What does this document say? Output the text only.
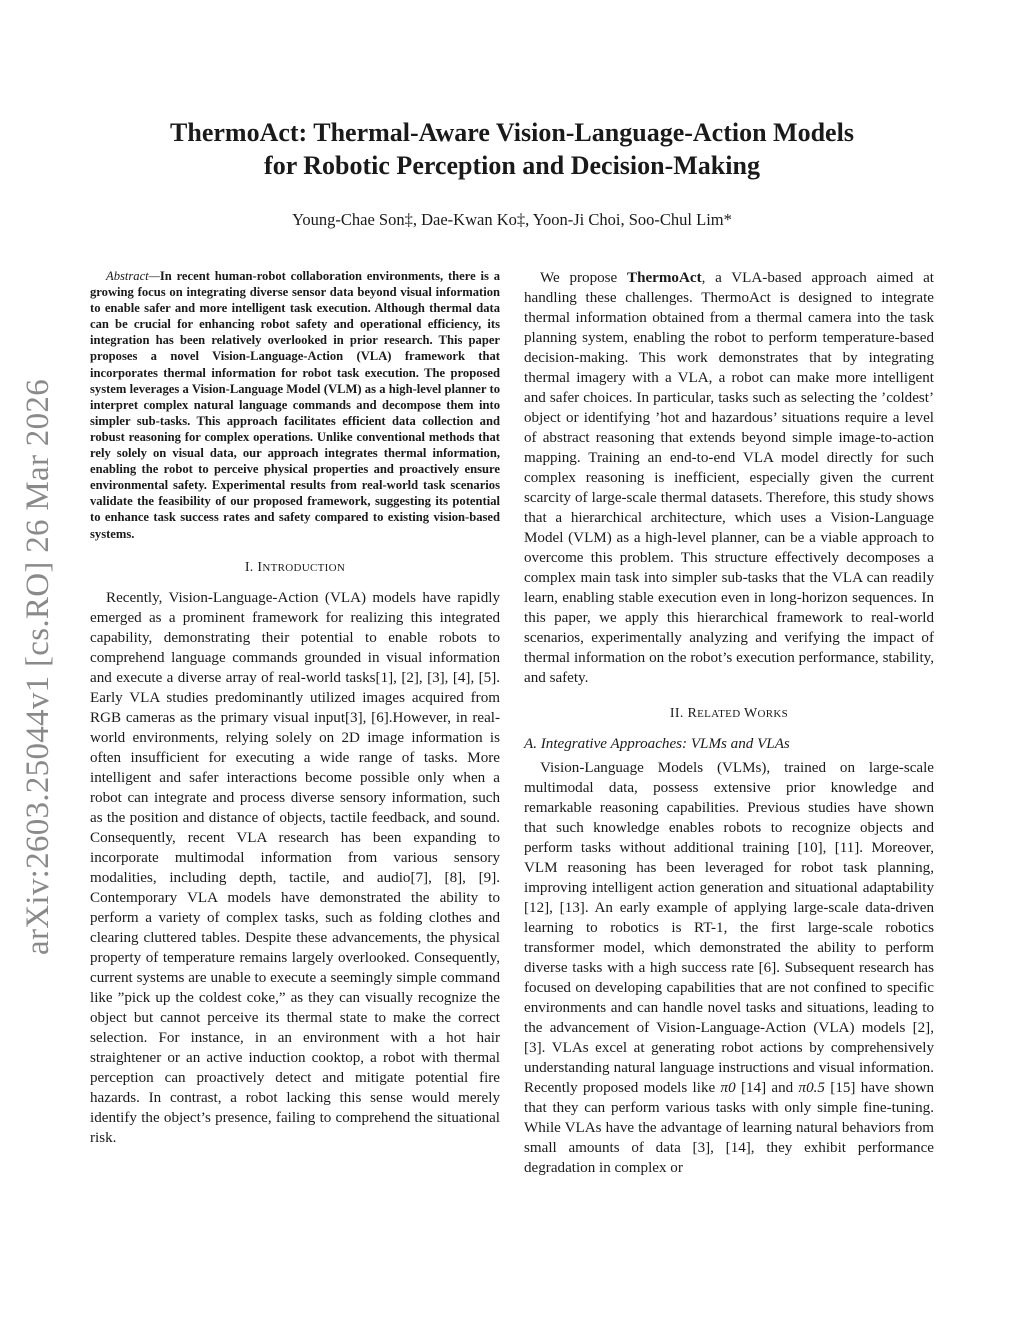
arXiv:2603.25044v1 [cs.RO] 26 Mar 2026
ThermoAct: Thermal-Aware Vision-Language-Action Models
for Robotic Perception and Decision-Making
Young-Chae Son‡, Dae-Kwan Ko‡, Yoon-Ji Choi, Soo-Chul Lim*

Abstract—In recent human-robot collaboration environments, there is a growing focus on integrating diverse sensor data beyond visual information to enable safer and more intelligent task execution. Although thermal data can be crucial for enhancing robot safety and operational efficiency, its integration has been relatively overlooked in prior research. This paper proposes a novel Vision-Language-Action (VLA) framework that incorporates thermal information for robot task execution. The proposed system leverages a Vision-Language Model (VLM) as a high-level planner to interpret complex natural language commands and decompose them into simpler sub-tasks. This approach facilitates efficient data collection and robust reasoning for complex operations. Unlike conventional methods that rely solely on visual data, our approach integrates thermal information, enabling the robot to perceive physical properties and proactively ensure environmental safety. Experimental results from real-world task scenarios validate the feasibility of our proposed framework, suggesting its potential to enhance task success rates and safety compared to existing vision-based systems.

I. INTRODUCTION

Recently, Vision-Language-Action (VLA) models have rapidly emerged as a prominent framework for realizing this integrated capability, demonstrating their potential to enable robots to comprehend language commands grounded in visual information and execute a diverse array of real-world tasks[1], [2], [3], [4], [5]. Early VLA studies predominantly utilized images acquired from RGB cameras as the primary visual input[3], [6].However, in real-world environments, relying solely on 2D image information is often insufficient for executing a wide range of tasks. More intelligent and safer interactions become possible only when a robot can integrate and process diverse sensory information, such as the position and distance of objects, tactile feedback, and sound. Consequently, recent VLA research has been expanding to incorporate multimodal information from various sensory modalities, including depth, tactile, and audio[7], [8], [9]. Contemporary VLA models have demonstrated the ability to perform a variety of complex tasks, such as folding clothes and clearing cluttered tables. Despite these advancements, the physical property of temperature remains largely overlooked. Consequently, current systems are unable to execute a seemingly simple command like ”pick up the coldest coke,” as they can visually recognize the object but cannot perceive its thermal state to make the correct selection. For instance, in an environment with a hot hair straightener or an active induction cooktop, a robot with thermal perception can proactively detect and mitigate potential fire hazards. In contrast, a robot lacking this sense would merely identify the object’s presence, failing to comprehend the situational risk.

We propose ThermoAct, a VLA-based approach aimed at handling these challenges. ThermoAct is designed to integrate thermal information obtained from a thermal camera into the task planning system, enabling the robot to perform temperature-based decision-making. This work demonstrates that by integrating thermal imagery with a VLA, a robot can make more intelligent and safer choices. In particular, tasks such as selecting the ’coldest’ object or identifying ’hot and hazardous’ situations require a level of abstract reasoning that extends beyond simple image-to-action mapping. Training an end-to-end VLA model directly for such complex reasoning is inefficient, especially given the current scarcity of large-scale thermal datasets. Therefore, this study shows that a hierarchical architecture, which uses a Vision-Language Model (VLM) as a high-level planner, can be a viable approach to overcome this problem. This structure effectively decomposes a complex main task into simpler sub-tasks that the VLA can readily learn, enabling stable execution even in long-horizon sequences. In this paper, we apply this hierarchical framework to real-world scenarios, experimentally analyzing and verifying the impact of thermal information on the robot’s execution performance, stability, and safety.

II. RELATED WORKS
A. Integrative Approaches: VLMs and VLAs

Vision-Language Models (VLMs), trained on large-scale multimodal data, possess extensive prior knowledge and remarkable reasoning capabilities. Previous studies have shown that such knowledge enables robots to recognize objects and perform tasks without additional training [10], [11]. Moreover, VLM reasoning has been leveraged for robot task planning, improving intelligent action generation and situational adaptability [12], [13]. An early example of applying large-scale data-driven learning to robotics is RT-1, the first large-scale robotics transformer model, which demonstrated the ability to perform diverse tasks with a high success rate [6]. Subsequent research has focused on developing capabilities that are not confined to specific environments and can handle novel tasks and situations, leading to the advancement of Vision-Language-Action (VLA) models [2], [3]. VLAs excel at generating robot actions by comprehensively understanding natural language instructions and visual information. Recently proposed models like π0 [14] and π0.5 [15] have shown that they can perform various tasks with only simple fine-tuning. While VLAs have the advantage of learning natural behaviors from small amounts of data [3], [14], they exhibit performance degradation in complex or
